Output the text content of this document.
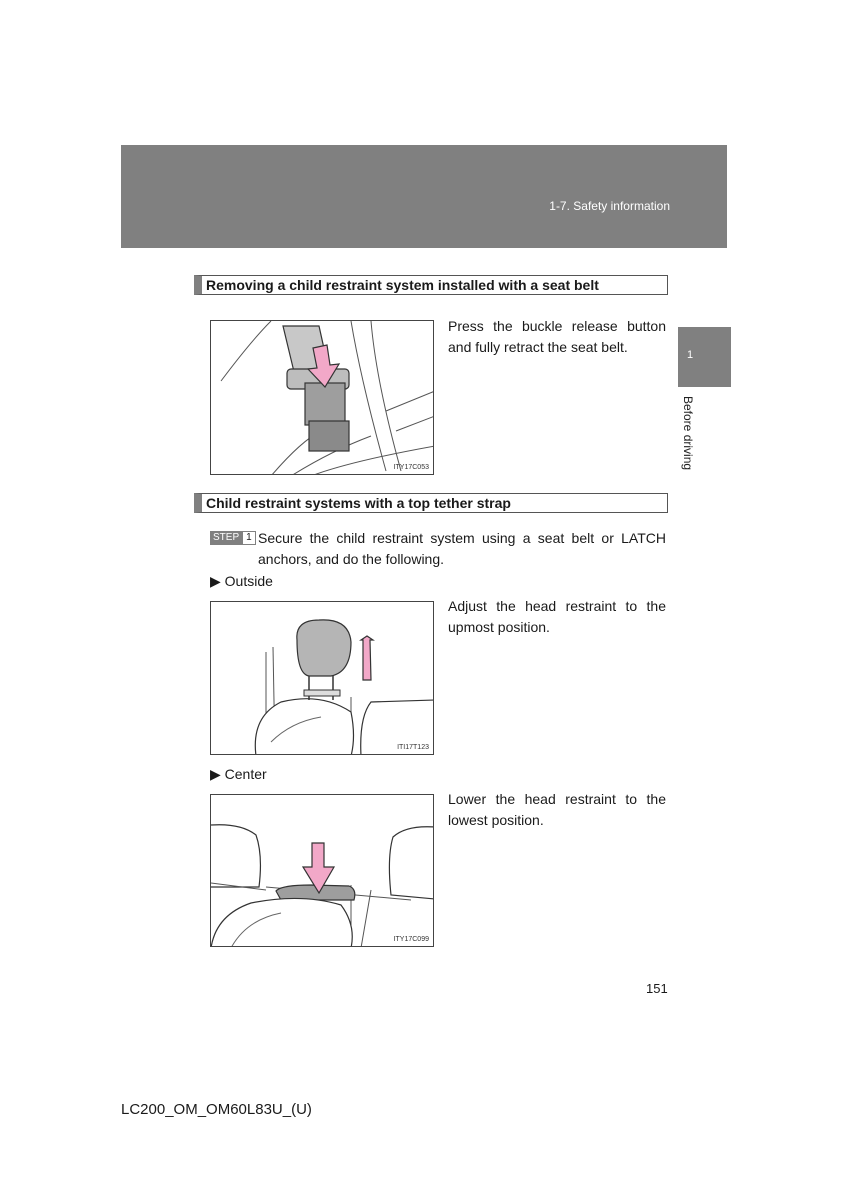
1-7. Safety information
1
Before driving
Removing a child restraint system installed with a seat belt
ITY17C053
Press the buckle release button and fully retract the seat belt.
Child restraint systems with a top tether strap
STEP 1 Secure the child restraint system using a seat belt or LATCH anchors, and do the following.
▶ Outside
ITI17T123
Adjust the head restraint to the upmost position.
▶ Center
ITY17C099
Lower the head restraint to the lowest position.
151
LC200_OM_OM60L83U_(U)
